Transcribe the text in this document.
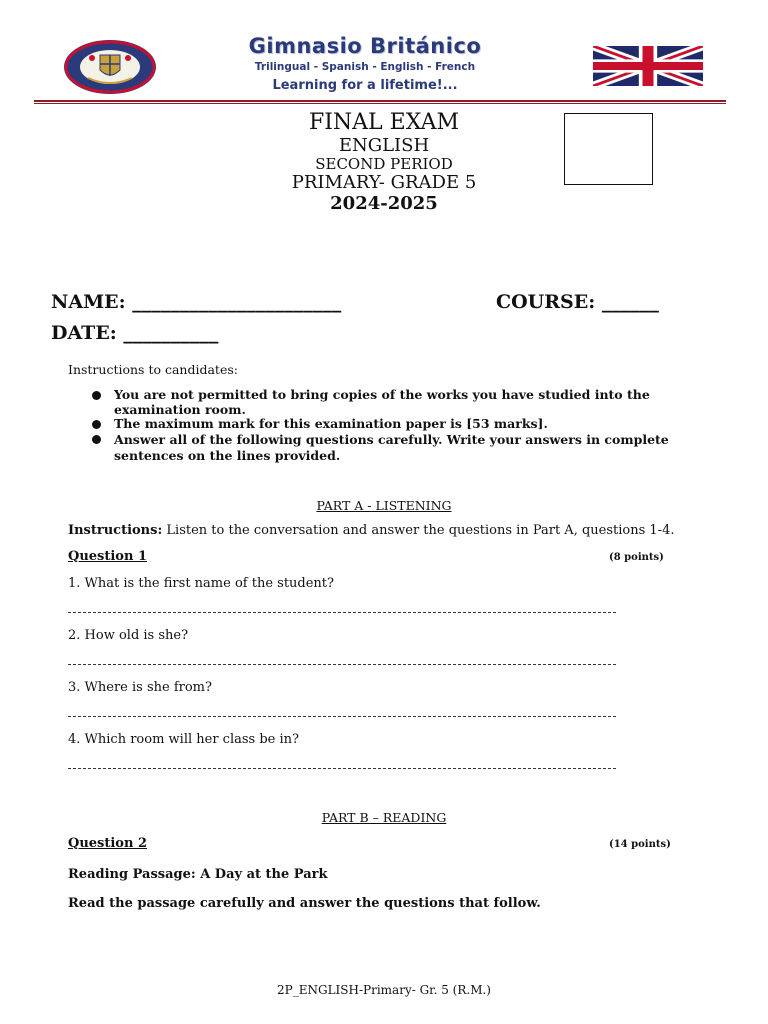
Gimnasio Británico
Trilingual - Spanish - English - French
Learning for a lifetime!...
FINAL EXAM
ENGLISH
SECOND PERIOD
PRIMARY- GRADE 5
2024-2025
NAME: ______________________	COURSE: ______
DATE: __________
Instructions to candidates:
You are not permitted to bring copies of the works you have studied into the examination room.
The maximum mark for this examination paper is [53 marks].
Answer all of the following questions carefully. Write your answers in complete sentences on the lines provided.
PART A - LISTENING
Instructions: Listen to the conversation and answer the questions in Part A, questions 1-4.
Question 1	(8 points)
1. What is the first name of the student?
2. How old is she?
3. Where is she from?
4. Which room will her class be in?
PART B – READING
Question 2	(14 points)
Reading Passage: A Day at the Park
Read the passage carefully and answer the questions that follow.
2P_ENGLISH-Primary- Gr. 5 (R.M.)
